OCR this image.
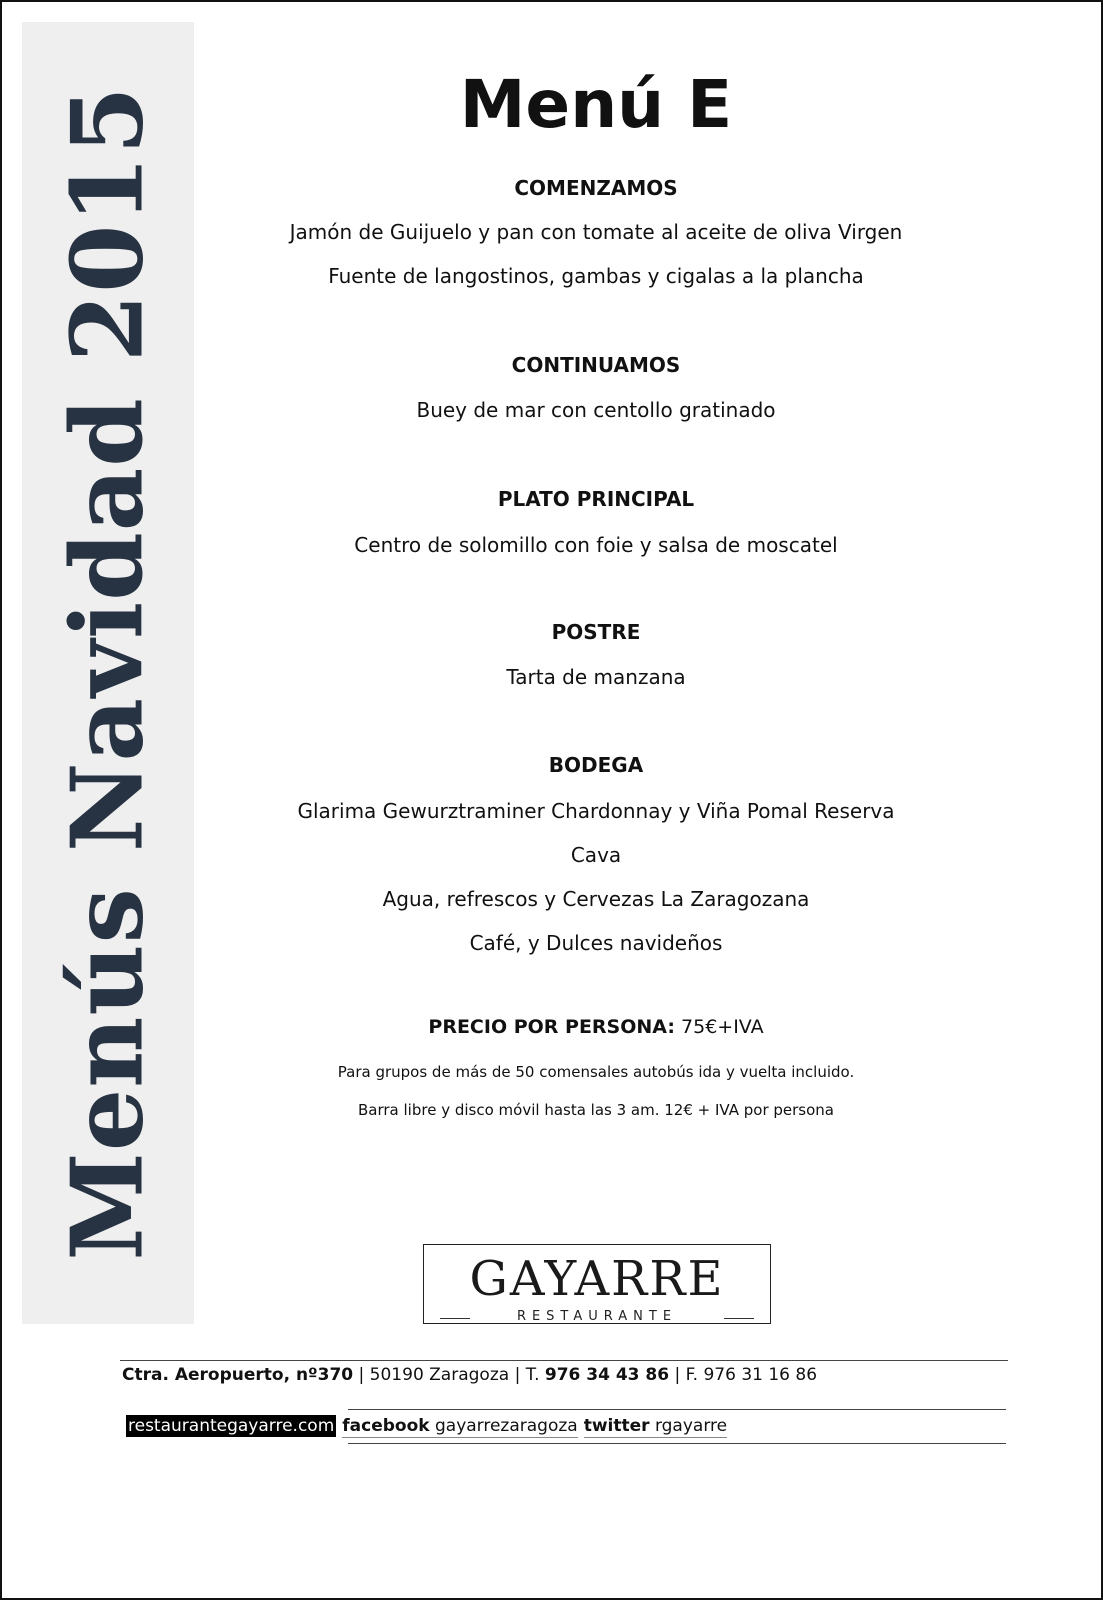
Menús Navidad 2015	Menú E
COMENZAMOS
Jamón de Guijuelo y pan con tomate al aceite de oliva Virgen
Fuente de langostinos, gambas y cigalas a la plancha
CONTINUAMOS
Buey de mar con centollo gratinado
PLATO PRINCIPAL
Centro de solomillo con foie y salsa de moscatel
POSTRE
Tarta de manzana
BODEGA
Glarima Gewurztraminer Chardonnay y Viña Pomal Reserva
Cava
Agua, refrescos y Cervezas La Zaragozana
Café, y Dulces navideños
PRECIO POR PERSONA: 75€+IVA
Para grupos de más de 50 comensales autobús ida y vuelta incluido.
Barra libre y disco móvil hasta las 3 am. 12€ + IVA por persona
GAYARRE
RESTAURANTE
Ctra. Aeropuerto, nº370 | 50190 Zaragoza | T. 976 34 43 86 | F. 976 31 16 86
restaurantegayarre.com facebook gayarrezaragoza twitter rgayarre
